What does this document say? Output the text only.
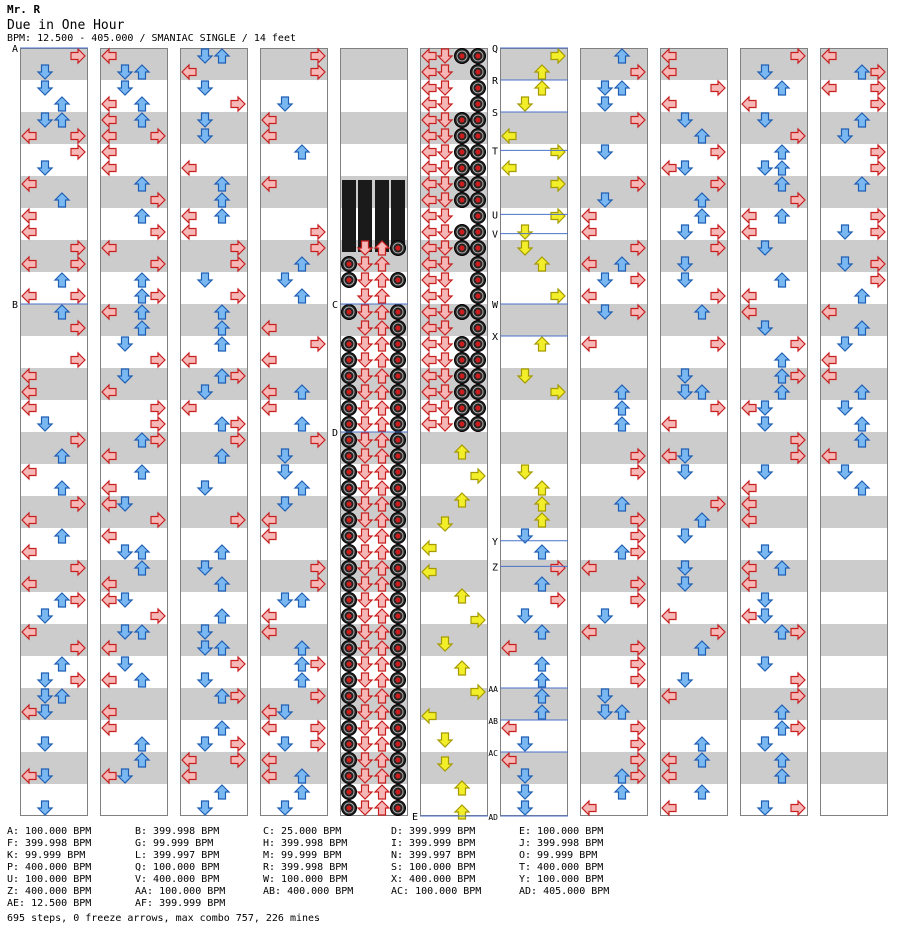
Mr. R
Due in One Hour
BPM: 12.500 - 405.000 / SMANIAC SINGLE / 14 feet
A
B	C
D
E
Q
R
S
T
U
V
W
X
Y
Z
AA
AB
AC
AD
A: 100.000 BPM	B: 399.998 BPM	C: 25.000 BPM	D: 399.999 BPM	E: 100.000 BPM
F: 399.998 BPM	G: 99.999 BPM	H: 399.998 BPM	I: 399.999 BPM	J: 399.998 BPM
K: 99.999 BPM	L: 399.997 BPM	M: 99.999 BPM	N: 399.997 BPM	O: 99.999 BPM
P: 400.000 BPM	Q: 100.000 BPM	R: 399.998 BPM	S: 100.000 BPM	T: 400.000 BPM
U: 100.000 BPM	V: 400.000 BPM	W: 100.000 BPM	X: 400.000 BPM	Y: 100.000 BPM
Z: 400.000 BPM	AA: 100.000 BPM	AB: 400.000 BPM	AC: 100.000 BPM	AD: 405.000 BPM
AE: 12.500 BPM	AF: 399.999 BPM
695 steps, 0 freeze arrows, max combo 757, 226 mines
